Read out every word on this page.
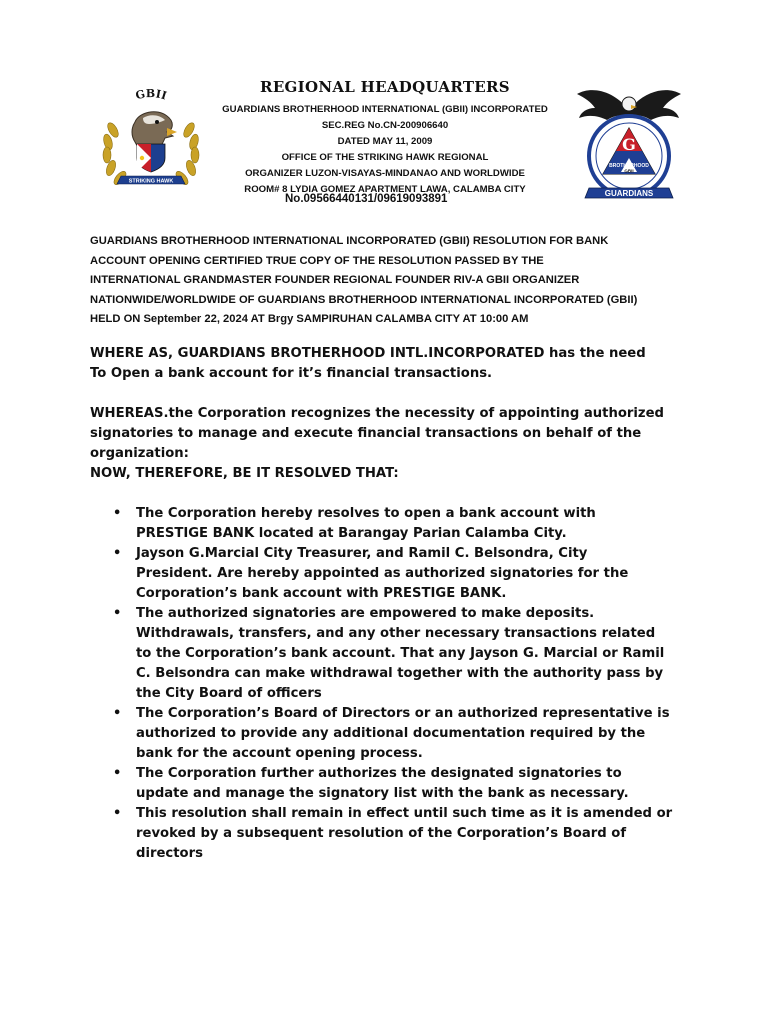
GBII
STRIKING HAWK
REGIONAL HEADQUARTERS

GUARDIANS BROTHERHOOD INTERNATIONAL (GBII) INCORPORATED

SEC.REG No.CN-200906640

DATED MAY 11, 2009

OFFICE OF THE STRIKING HAWK REGIONAL

ORGANIZER LUZON-VISAYAS-MINDANAO AND WORLDWIDE

ROOM# 8 LYDIA GOMEZ APARTMENT LAWA, CALAMBA CITY

No.09566440131/09619093891
G
BROTHERHOOD
GBII
GUARDIANS
GUARDIANS BROTHERHOOD INTERNATIONAL INCORPORATED (GBII) RESOLUTION FOR BANK
ACCOUNT OPENING CERTIFIED TRUE COPY OF THE RESOLUTION PASSED BY THE
INTERNATIONAL GRANDMASTER FOUNDER REGIONAL FOUNDER RIV-A GBII ORGANIZER
NATIONWIDE/WORLDWIDE OF GUARDIANS BROTHERHOOD INTERNATIONAL INCORPORATED (GBII)
HELD ON September 22, 2024 AT Brgy SAMPIRUHAN CALAMBA CITY AT 10:00 AM
WHERE AS, GUARDIANS BROTHERHOOD INTL.INCORPORATED has the need
To Open a bank account for it’s financial transactions.
WHEREAS.the Corporation recognizes the necessity of appointing authorized
signatories to manage and execute financial transactions on behalf of the
organization:
NOW, THEREFORE, BE IT RESOLVED THAT:
• The Corporation hereby resolves to open a bank account with
PRESTIGE BANK located at Barangay Parian Calamba City.
• Jayson G.Marcial City Treasurer, and Ramil C. Belsondra, City
President. Are hereby appointed as authorized signatories for the
Corporation’s bank account with PRESTIGE BANK.
• The authorized signatories are empowered to make deposits.
Withdrawals, transfers, and any other necessary transactions related
to the Corporation’s bank account. That any Jayson G. Marcial or Ramil
C. Belsondra can make withdrawal together with the authority pass by
the City Board of officers
• The Corporation’s Board of Directors or an authorized representative is
authorized to provide any additional documentation required by the
bank for the account opening process.
• The Corporation further authorizes the designated signatories to
update and manage the signatory list with the bank as necessary.
• This resolution shall remain in effect until such time as it is amended or
revoked by a subsequent resolution of the Corporation’s Board of
directors
